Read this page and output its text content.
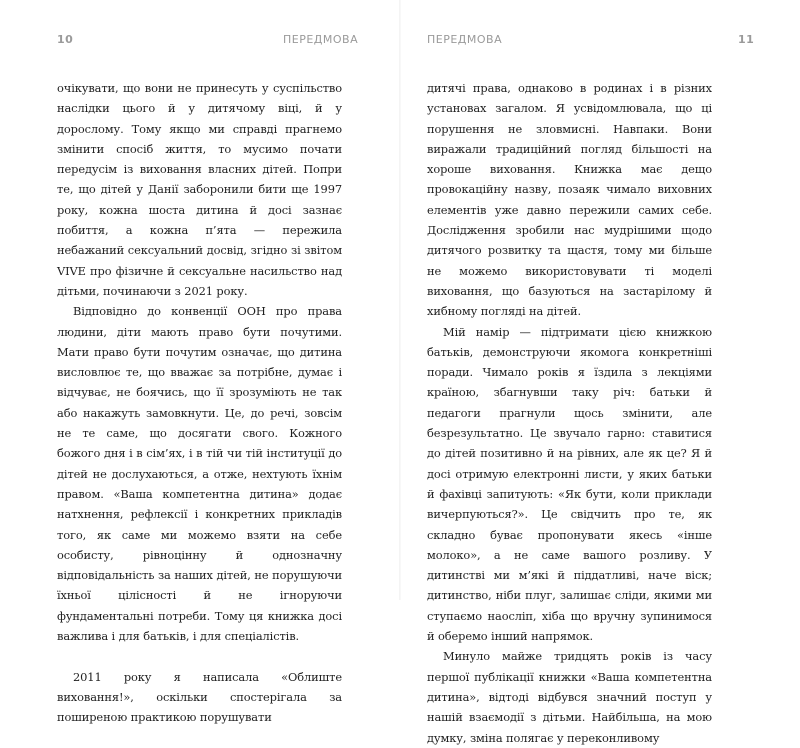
10	ПЕРЕДМОВА

очікувати, що вони не принесуть у суспільство наслідки цього й у дитячому віці, й у дорослому. Тому якщо ми справді прагнемо змінити спосіб життя, то мусимо почати передусім із виховання власних дітей. Попри те, що дітей у Данії заборонили бити ще 1997 року, кожна шоста дитина й досі зазнає побиття, а кожна п’ята — пережила небажаний сексуальний досвід, згідно зі звітом VIVE про фізичне й сексуальне насильство над дітьми, починаючи з 2021 року.

Відповідно до конвенції ООН про права людини, діти мають право бути почутими. Мати право бути почутим означає, що дитина висловлює те, що вважає за потрібне, думає і відчуває, не боячись, що її зрозуміють не так або накажуть замовкнути. Це, до речі, зовсім не те саме, що досягати свого. Кожного божого дня і в сім’ях, і в тій чи тій інституції до дітей не дослухаються, а отже, нехтують їхнім правом. «Ваша компетентна дитина» додає натхнення, рефлексії і конкретних прикладів того, як саме ми можемо взяти на себе особисту, рівноцінну й однозначну відповідальність за наших дітей, не порушуючи їхньої цілісності й не ігноруючи фундаментальні потреби. Тому ця книжка досі важлива і для батьків, і для спеціалістів.

2011 року я написала «Облиште виховання!», оскільки спостерігала за поширеною практикою порушувати

ПЕРЕДМОВА	11

дитячі права, однаково в родинах і в різних установах загалом. Я усвідомлювала, що ці порушення не зловмисні. Навпаки. Вони виражали традиційний погляд більшості на хороше виховання. Книжка має дещо провокаційну назву, позаяк чимало виховних елементів уже давно пережили самих себе. Дослідження зробили нас мудрішими щодо дитячого розвитку та щастя, тому ми більше не можемо використовувати ті моделі виховання, що базуються на застарілому й хибному погляді на дітей.

Мій намір — підтримати цією книжкою батьків, демонструючи якомога конкретніші поради. Чимало років я їздила з лекціями країною, збагнувши таку річ: батьки й педагоги прагнули щось змінити, але безрезультатно. Це звучало гарно: ставитися до дітей позитивно й на рівних, але як це? Я й досі отримую електронні листи, у яких батьки й фахівці запитують: «Як бути, коли приклади вичерпуються?». Це свідчить про те, як складно буває пропонувати якесь «інше молоко», а не саме вашого розливу. У дитинстві ми м’які й піддатливі, наче віск; дитинство, ніби плуг, залишає сліди, якими ми ступаємо наосліп, хіба що вручну зупинимося й оберемо інший напрямок.

Минуло майже тридцять років із часу першої публікації книжки «Ваша компетентна дитина», відтоді відбувся значний поступ у нашій взаємодії з дітьми. Найбільша, на мою думку, зміна полягає у переконливому
